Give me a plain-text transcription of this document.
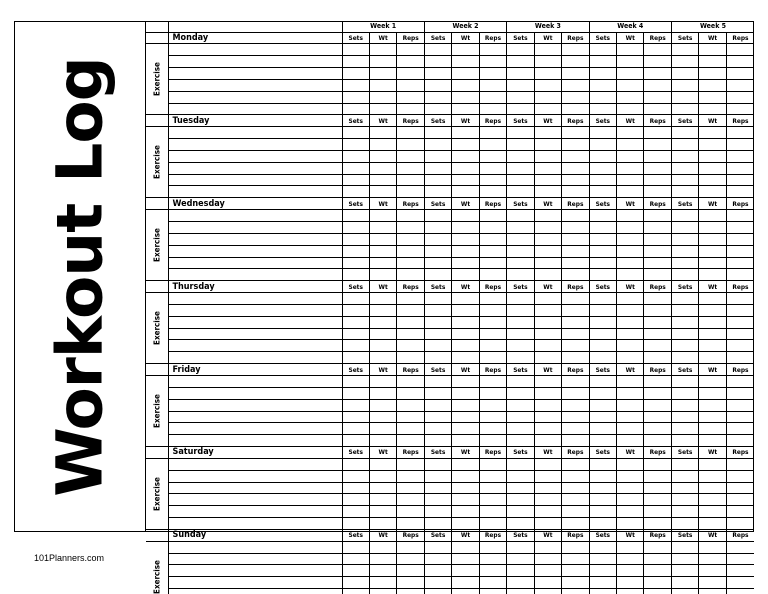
Workout Log
		Week 1			Week 2			Week 3			Week 4			Week 5		
	Monday	Sets	Wt	Reps	Sets	Wt	Reps	Sets	Wt	Reps	Sets	Wt	Reps	Sets	Wt	Reps

Exercise																

	Tuesday	Sets	Wt	Reps	Sets	Wt	Reps	Sets	Wt	Reps	Sets	Wt	Reps	Sets	Wt	Reps

Exercise																

	Wednesday	Sets	Wt	Reps	Sets	Wt	Reps	Sets	Wt	Reps	Sets	Wt	Reps	Sets	Wt	Reps

Exercise																

	Thursday	Sets	Wt	Reps	Sets	Wt	Reps	Sets	Wt	Reps	Sets	Wt	Reps	Sets	Wt	Reps

Exercise																

	Friday	Sets	Wt	Reps	Sets	Wt	Reps	Sets	Wt	Reps	Sets	Wt	Reps	Sets	Wt	Reps

Exercise																

	Saturday	Sets	Wt	Reps	Sets	Wt	Reps	Sets	Wt	Reps	Sets	Wt	Reps	Sets	Wt	Reps

Exercise																

	Sunday	Sets	Wt	Reps	Sets	Wt	Reps	Sets	Wt	Reps	Sets	Wt	Reps	Sets	Wt	Reps

Exercise																

101Planners.com
